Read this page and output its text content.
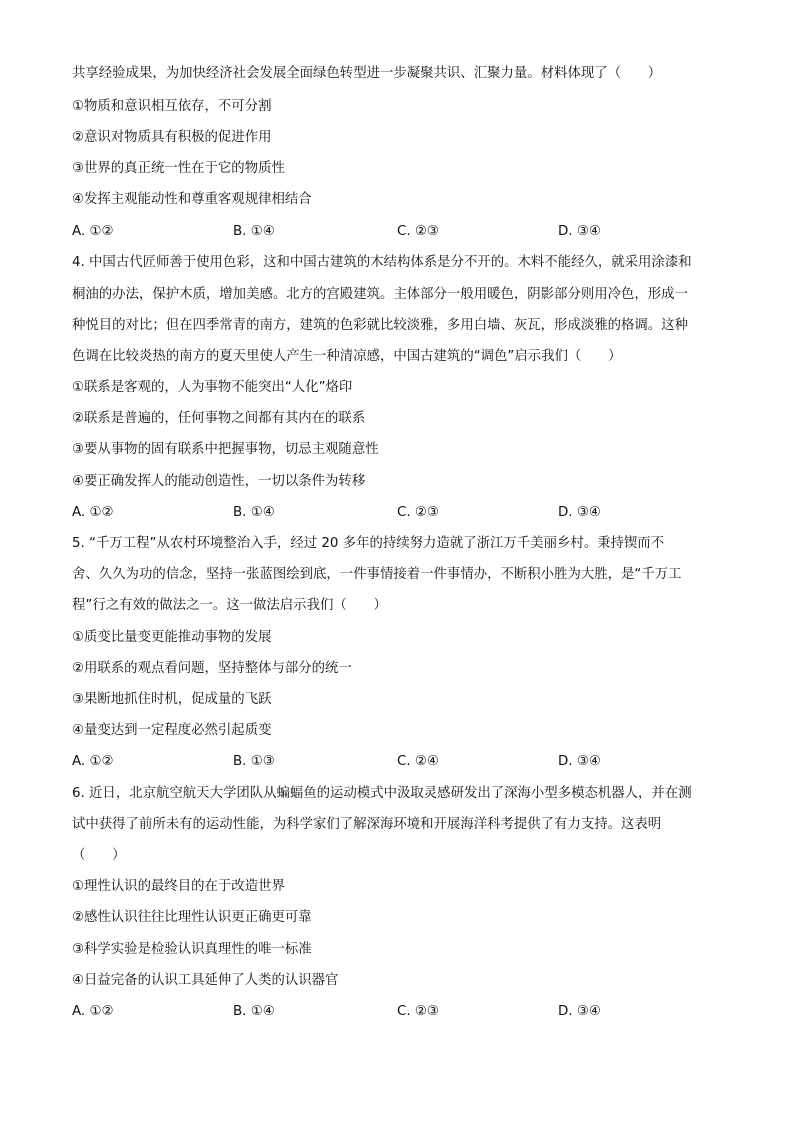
共享经验成果，为加快经济社会发展全面绿色转型进一步凝聚共识、汇聚力量。材料体现了（　　）
①物质和意识相互依存，不可分割
②意识对物质具有积极的促进作用
③世界的真正统一性在于它的物质性
④发挥主观能动性和尊重客观规律相结合
A. ①②	B. ①④	C. ②③	D. ③④
4. 中国古代匠师善于使用色彩，这和中国古建筑的木结构体系是分不开的。木料不能经久，就采用涂漆和
桐油的办法，保护木质，增加美感。北方的宫殿建筑。主体部分一般用暖色，阴影部分则用冷色，形成一
种悦目的对比；但在四季常青的南方，建筑的色彩就比较淡雅，多用白墙、灰瓦，形成淡雅的格调。这种
色调在比较炎热的南方的夏天里使人产生一种清凉感，中国古建筑的“调色”启示我们（　　）
①联系是客观的，人为事物不能突出“人化”烙印
②联系是普遍的，任何事物之间都有其内在的联系
③要从事物的固有联系中把握事物，切忌主观随意性
④要正确发挥人的能动创造性，一切以条件为转移
A. ①②	B. ①④	C. ②③	D. ③④
5. “千万工程”从农村环境整治入手，经过 20 多年的持续努力造就了浙江万千美丽乡村。秉持锲而不
舍、久久为功的信念，坚持一张蓝图绘到底，一件事情接着一件事情办，不断积小胜为大胜，是“千万工
程”行之有效的做法之一。这一做法启示我们（　　）
①质变比量变更能推动事物的发展
②用联系的观点看问题，坚持整体与部分的统一
③果断地抓住时机，促成量的飞跃
④量变达到一定程度必然引起质变
A. ①②	B. ①③	C. ②④	D. ③④
6. 近日，北京航空航天大学团队从蝙蝠鱼的运动模式中汲取灵感研发出了深海小型多模态机器人，并在测
试中获得了前所未有的运动性能，为科学家们了解深海环境和开展海洋科考提供了有力支持。这表明
（　　）
①理性认识的最终目的在于改造世界
②感性认识往往比理性认识更正确更可靠
③科学实验是检验认识真理性的唯一标准
④日益完备的认识工具延伸了人类的认识器官
A. ①②	B. ①④	C. ②③	D. ③④
